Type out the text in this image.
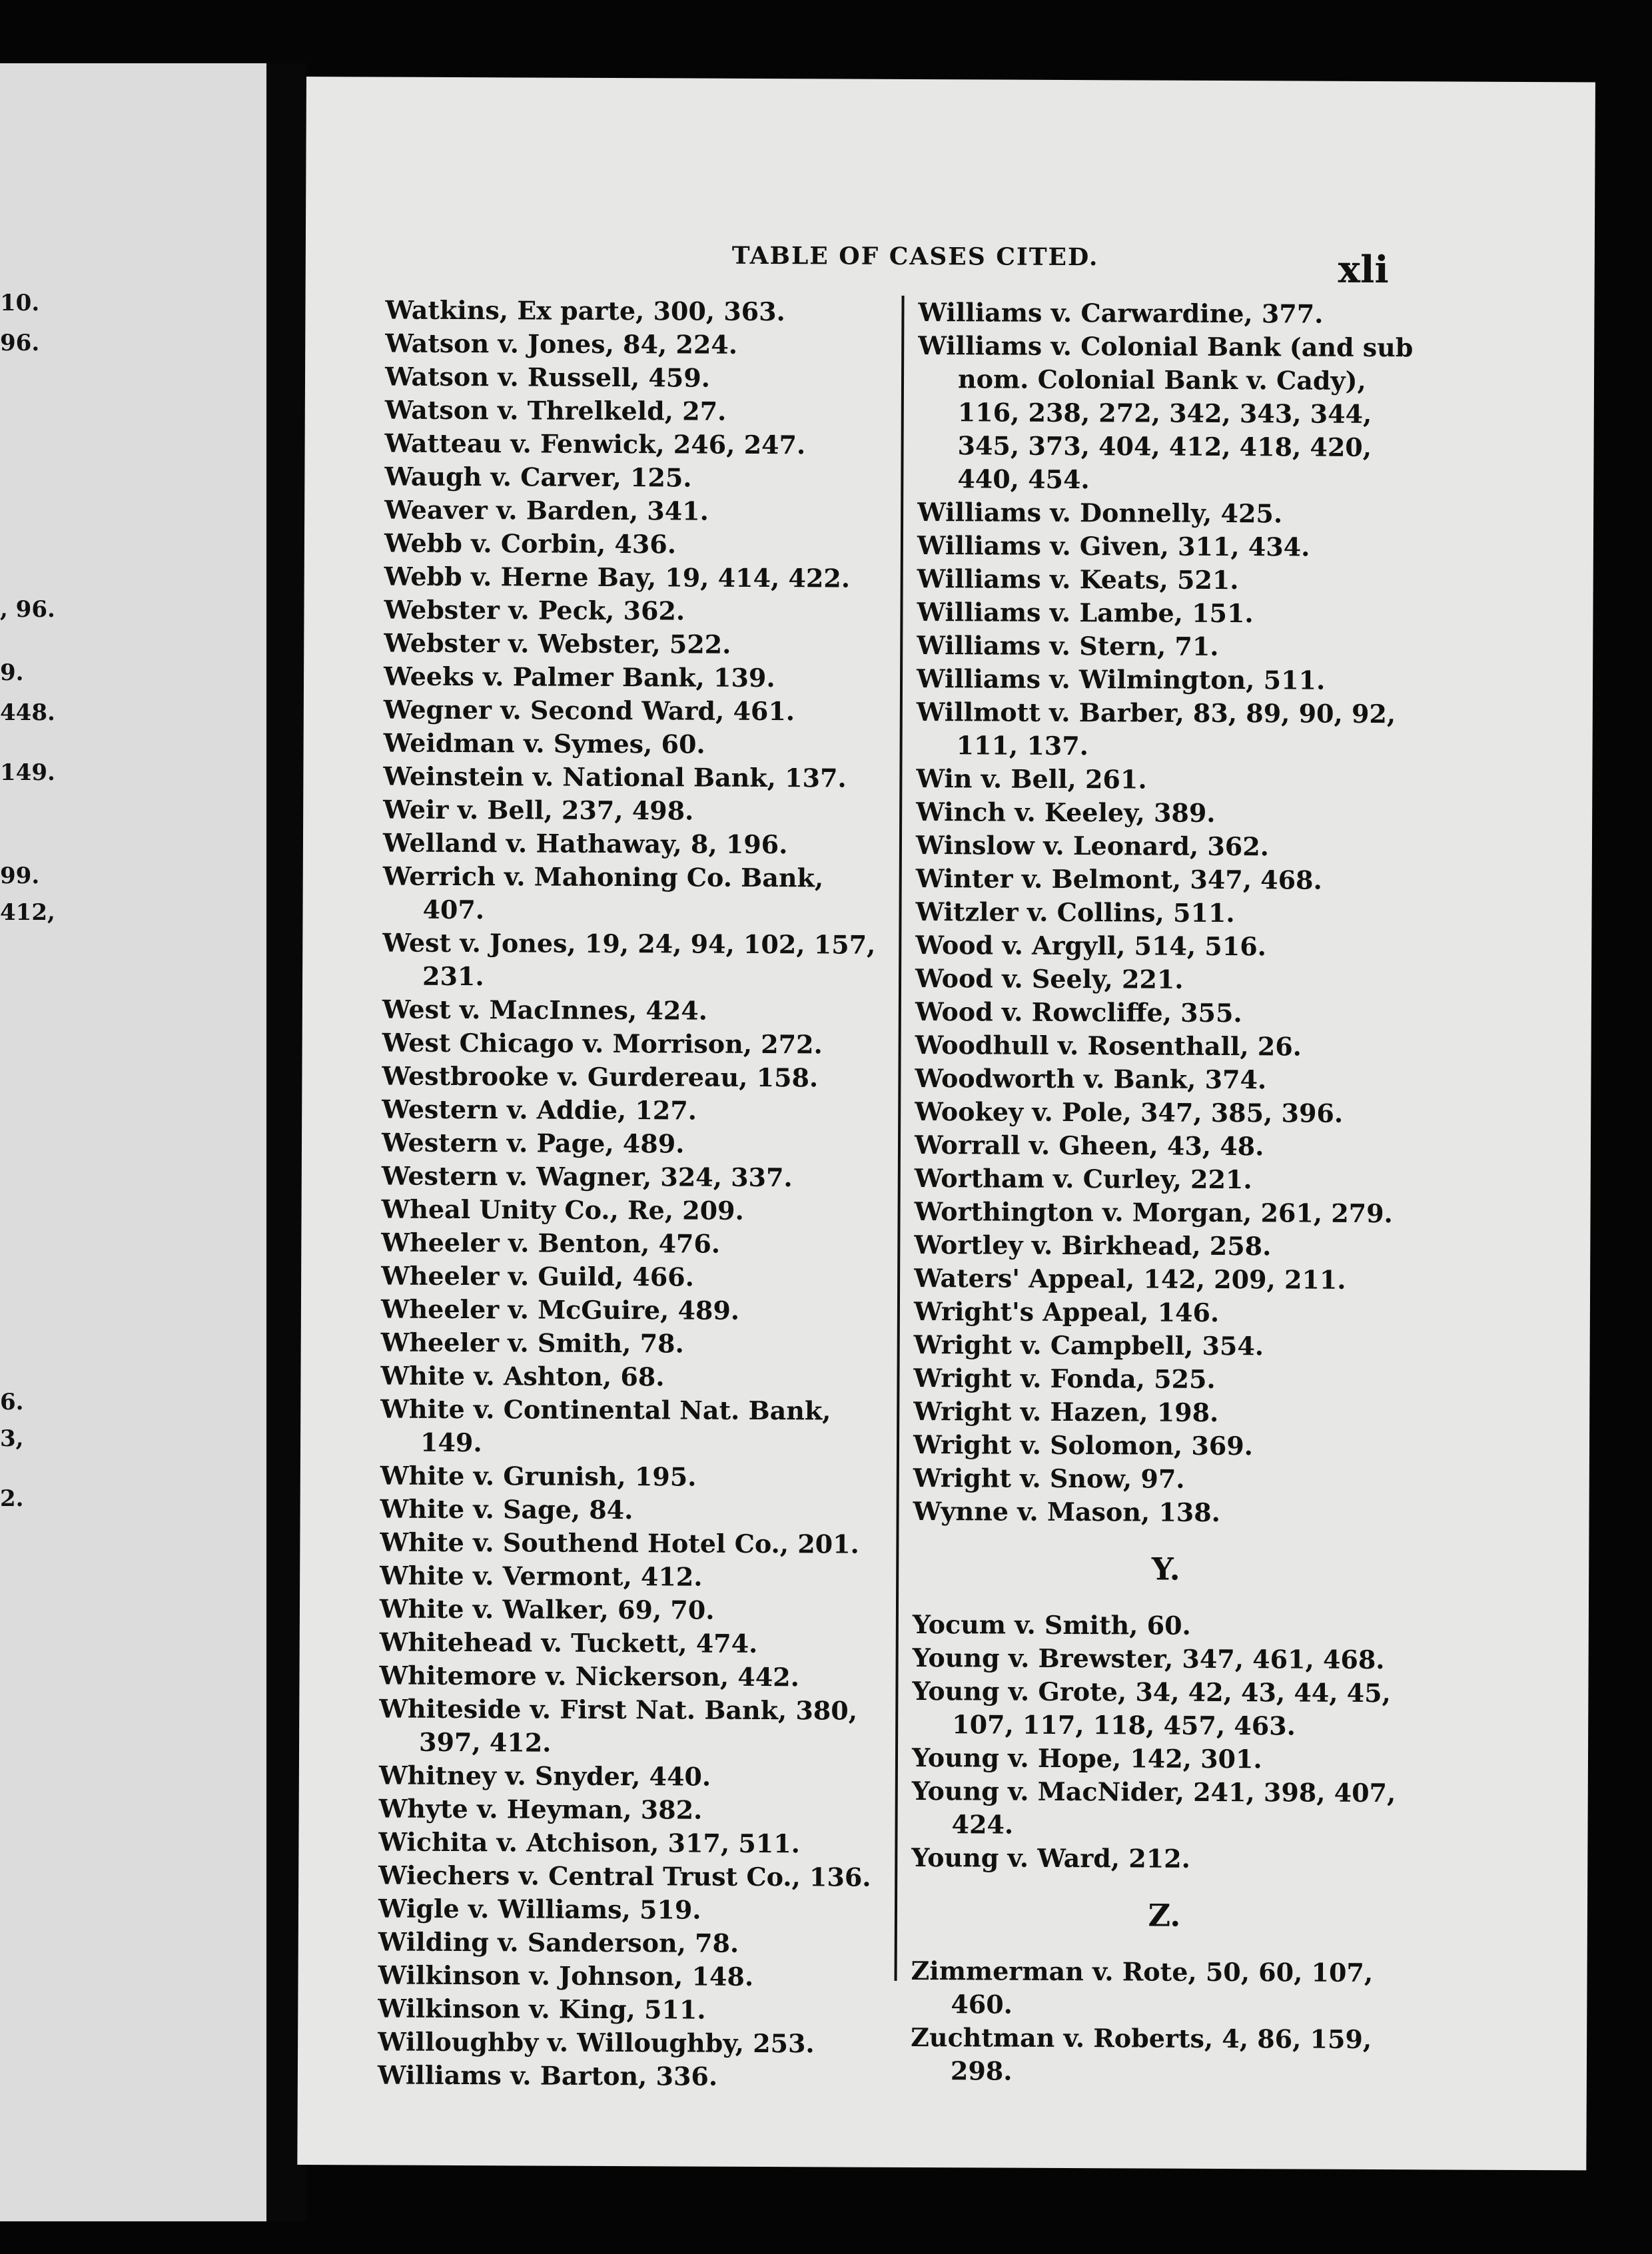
10.
96.
, 96.
9.
448.
149.
99.
412,
6.
3,
2.
TABLE OF CASES CITED.	xli
Watkins, Ex parte, 300, 363.
Watson v. Jones, 84, 224.
Watson v. Russell, 459.
Watson v. Threlkeld, 27.
Watteau v. Fenwick, 246, 247.
Waugh v. Carver, 125.
Weaver v. Barden, 341.
Webb v. Corbin, 436.
Webb v. Herne Bay, 19, 414, 422.
Webster v. Peck, 362.
Webster v. Webster, 522.
Weeks v. Palmer Bank, 139.
Wegner v. Second Ward, 461.
Weidman v. Symes, 60.
Weinstein v. National Bank, 137.
Weir v. Bell, 237, 498.
Welland v. Hathaway, 8, 196.
Werrich v. Mahoning Co. Bank, 407.
West v. Jones, 19, 24, 94, 102, 157, 231.
West v. MacInnes, 424.
West Chicago v. Morrison, 272.
Westbrooke v. Gurdereau, 158.
Western v. Addie, 127.
Western v. Page, 489.
Western v. Wagner, 324, 337.
Wheal Unity Co., Re, 209.
Wheeler v. Benton, 476.
Wheeler v. Guild, 466.
Wheeler v. McGuire, 489.
Wheeler v. Smith, 78.
White v. Ashton, 68.
White v. Continental Nat. Bank, 149.
White v. Grunish, 195.
White v. Sage, 84.
White v. Southend Hotel Co., 201.
White v. Vermont, 412.
White v. Walker, 69, 70.
Whitehead v. Tuckett, 474.
Whitemore v. Nickerson, 442.
Whiteside v. First Nat. Bank, 380, 397, 412.
Whitney v. Snyder, 440.
Whyte v. Heyman, 382.
Wichita v. Atchison, 317, 511.
Wiechers v. Central Trust Co., 136.
Wigle v. Williams, 519.
Wilding v. Sanderson, 78.
Wilkinson v. Johnson, 148.
Wilkinson v. King, 511.
Willoughby v. Willoughby, 253.
Williams v. Barton, 336.
Williams v. Carwardine, 377.
Williams v. Colonial Bank (and sub nom. Colonial Bank v. Cady), 116, 238, 272, 342, 343, 344, 345, 373, 404, 412, 418, 420, 440, 454.
Williams v. Donnelly, 425.
Williams v. Given, 311, 434.
Williams v. Keats, 521.
Williams v. Lambe, 151.
Williams v. Stern, 71.
Williams v. Wilmington, 511.
Willmott v. Barber, 83, 89, 90, 92, 111, 137.
Win v. Bell, 261.
Winch v. Keeley, 389.
Winslow v. Leonard, 362.
Winter v. Belmont, 347, 468.
Witzler v. Collins, 511.
Wood v. Argyll, 514, 516.
Wood v. Seely, 221.
Wood v. Rowcliffe, 355.
Woodhull v. Rosenthall, 26.
Woodworth v. Bank, 374.
Wookey v. Pole, 347, 385, 396.
Worrall v. Gheen, 43, 48.
Wortham v. Curley, 221.
Worthington v. Morgan, 261, 279.
Wortley v. Birkhead, 258.
Waters' Appeal, 142, 209, 211.
Wright's Appeal, 146.
Wright v. Campbell, 354.
Wright v. Fonda, 525.
Wright v. Hazen, 198.
Wright v. Solomon, 369.
Wright v. Snow, 97.
Wynne v. Mason, 138.
Y.
Yocum v. Smith, 60.
Young v. Brewster, 347, 461, 468.
Young v. Grote, 34, 42, 43, 44, 45, 107, 117, 118, 457, 463.
Young v. Hope, 142, 301.
Young v. MacNider, 241, 398, 407, 424.
Young v. Ward, 212.
Z.
Zimmerman v. Rote, 50, 60, 107, 460.
Zuchtman v. Roberts, 4, 86, 159, 298.
